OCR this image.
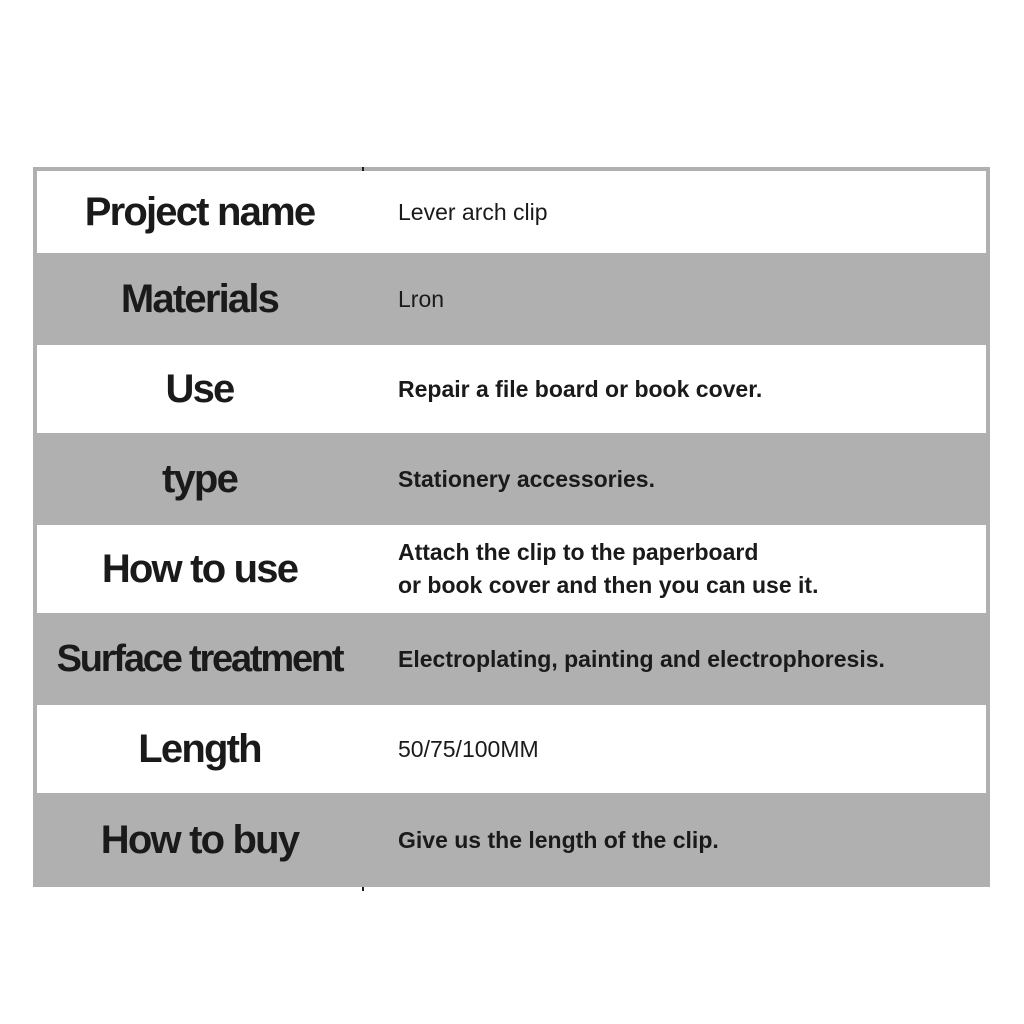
Project name	Lever arch clip
Materials	Lron
Use	Repair a file board or book cover.
type	Stationery accessories.
How to use	Attach the clip to the paperboard
or book cover and then you can use it.
Surface treatment	Electroplating, painting and electrophoresis.
Length	50/75/100MM
How to buy	Give us the length of the clip.
